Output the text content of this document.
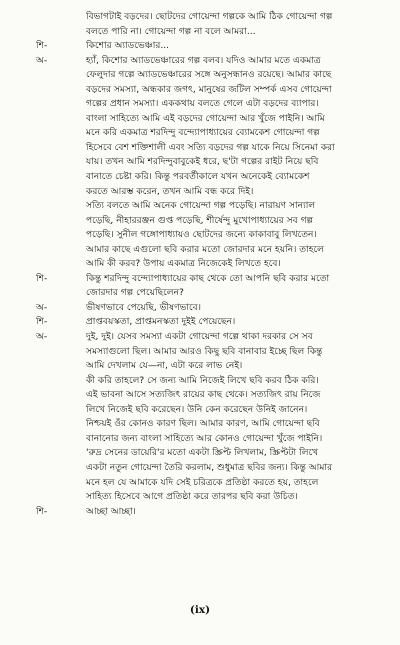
বিভাগটাই বড়দের। ছোটদের গোয়েন্দা গল্পকে আমি ঠিক গোয়েন্দা গল্প
বলতে পারি না। গোয়েন্দা গল্প না বলে আমরা...
শি-	কিশোর অ্যাডভেঞ্চার...
অ-	হ্যাঁ, কিশোর অ্যাডভেঞ্চারের গল্প বলব। যদিও আমার মতে একমাত্র
ফেলুদার গল্পে অ্যাডভেঞ্চারের সঙ্গে অনুসন্ধানও রয়েছে। আমার কাছে
বড়দের সমস্যা, অন্ধকার জগৎ, মানুষের জটিল সম্পর্ক এসব গোয়েন্দা
গল্পের প্রধান সমস্যা। এককথায় বলতে গেলে এটা বড়দের ব্যাপার।
বাংলা সাহিত্যে আমি এই বড়দের গোয়েন্দা আর খুঁজে পাইনি। আমি
মনে করি একমাত্র শরদিন্দু বন্দ্যোপাধ্যায়ের ব্যোমকেশ গোয়েন্দা গল্প
হিসেবে বেশ শক্তিশালী এবং সত্যি বড়দের গল্প যাকে নিয়ে সিনেমা করা
যায়। তখন আমি শরদিন্দুবাবুকেই ধরে, ছ'টা গল্পের রাইট নিয়ে ছবি
বানাতে চেষ্টা করি। কিন্তু পরবর্তীকালে যখন অনেকেই ব্যোমকেশ
করতে আরম্ভ করেন, তখন আমি বন্ধ করে দিই।
সত্যি বলতে আমি অনেক গোয়েন্দা গল্প পড়েছি। নারায়ণ সান্যাল
পড়েছি, নীহাররঞ্জন গুপ্ত পড়েছি, শীর্ষেন্দু মুখোপাধ্যায়ের সব গল্প
পড়েছি। সুনীল গঙ্গোপাধ্যায়ও ছোটদের জন্যে কাকাবাবু লিখতেন।
আমার কাছে এগুলো ছবি করার মতো জোরদার মনে হয়নি। তাহলে
আমি কী করব? উপায় একমাত্র নিজেকেই লিখতে হবে।
শি-	কিন্তু শরদিন্দু বন্দ্যোপাধ্যায়ের কাছ থেকে তো আপনি ছবি করার মতো
জোরদার গল্প পেয়েছিলেন?
অ-	ভীষণভাবে পেয়েছি, ভীষণভাবে।
শি-	প্রাপ্তবয়স্কতা, প্রাপ্তমনস্কতা দুইই পেয়েছেন।
অ-	দুই, দুই। যেসব সমস্যা একটা গোয়েন্দা গল্পে থাকা দরকার সে সব
সমস্যাগুলো ছিল। আমার আরও কিছু ছবি বানাবার ইচ্ছে ছিল কিন্তু
আমি দেখলাম যে—না, এটা করে লাভ নেই।
কী করি তাহলে? সে জন্য আমি নিজেই লিখে ছবি করব ঠিক করি।
এই ভাবনা আসে সত্যজিৎ রায়ের কাছ থেকে। সত্যজিৎ রায় নিজে
লিখে নিজেই ছবি করেছেন। উনি কেন করেছেন উনিই জানেন।
নিশ্চয়ই ওঁর কোনও কারণ ছিল। আমার কারণ, আমি গোয়েন্দা ছবি
বানানোর জন্য বাংলা সাহিত্যে আর কোনও গোয়েন্দা খুঁজে পাইনি।
'রুদ্র সেনের ডায়েরি'র মতো একটা স্ক্রিপ্ট লিখলাম, স্ক্রিপ্টটা লিখে
একটা নতুন গোয়েন্দা তৈরি করলাম, শুধুমাত্র ছবির জন্য। কিন্তু আমার
মনে হল যে আমাকে যদি সেই চরিত্রকে প্রতিষ্ঠা করতে হয়, তাহলে
সাহিত্য হিসেবে আগে প্রতিষ্ঠা করে তারপর ছবি করা উচিত।
শি-	আচ্ছা আচ্ছা।
(ix)
